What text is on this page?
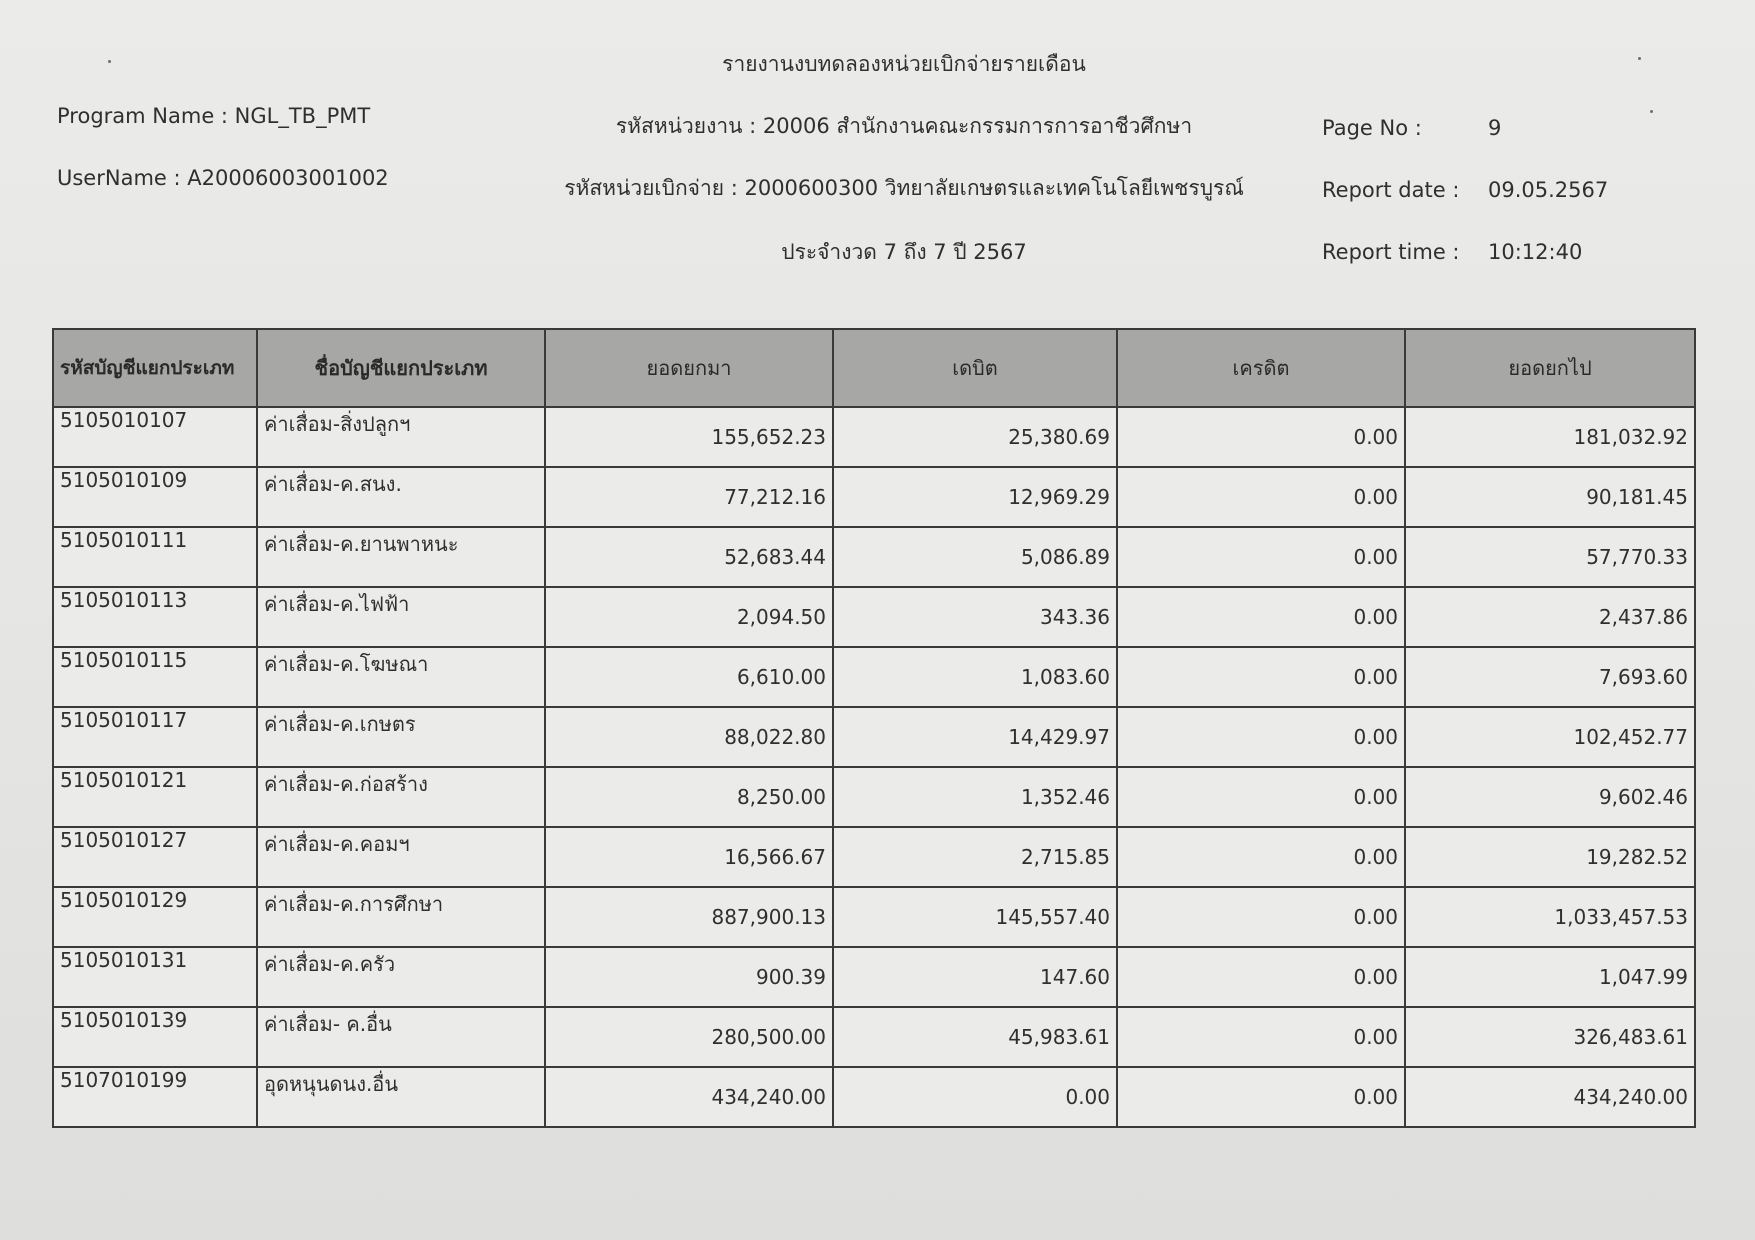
รายงานงบทดลองหน่วยเบิกจ่ายรายเดือน
Program Name : NGL_TB_PMT	รหัสหน่วยงาน : 20006 สำนักงานคณะกรรมการการอาชีวศึกษา	Page No :	9
UserName : A20006003001002	รหัสหน่วยเบิกจ่าย : 2000600300 วิทยาลัยเกษตรและเทคโนโลยีเพชรบูรณ์	Report date : 09.05.2567
ประจำงวด 7 ถึง 7 ปี 2567	Report time : 10:12:40
รหัสบัญชีแยกประเภท	ชื่อบัญชีแยกประเภท	ยอดยกมา	เดบิต	เครดิต	ยอดยกไป
5105010107	ค่าเสื่อม-สิ่งปลูกฯ	155,652.23	25,380.69	0.00	181,032.92
5105010109	ค่าเสื่อม-ค.สนง.	77,212.16	12,969.29	0.00	90,181.45
5105010111	ค่าเสื่อม-ค.ยานพาหนะ	52,683.44	5,086.89	0.00	57,770.33
5105010113	ค่าเสื่อม-ค.ไฟฟ้า	2,094.50	343.36	0.00	2,437.86
5105010115	ค่าเสื่อม-ค.โฆษณา	6,610.00	1,083.60	0.00	7,693.60
5105010117	ค่าเสื่อม-ค.เกษตร	88,022.80	14,429.97	0.00	102,452.77
5105010121	ค่าเสื่อม-ค.ก่อสร้าง	8,250.00	1,352.46	0.00	9,602.46
5105010127	ค่าเสื่อม-ค.คอมฯ	16,566.67	2,715.85	0.00	19,282.52
5105010129	ค่าเสื่อม-ค.การศึกษา	887,900.13	145,557.40	0.00	1,033,457.53
5105010131	ค่าเสื่อม-ค.ครัว	900.39	147.60	0.00	1,047.99
5105010139	ค่าเสื่อม- ค.อื่น	280,500.00	45,983.61	0.00	326,483.61
5107010199	อุดหนุนดนง.อื่น	434,240.00	0.00	0.00	434,240.00
